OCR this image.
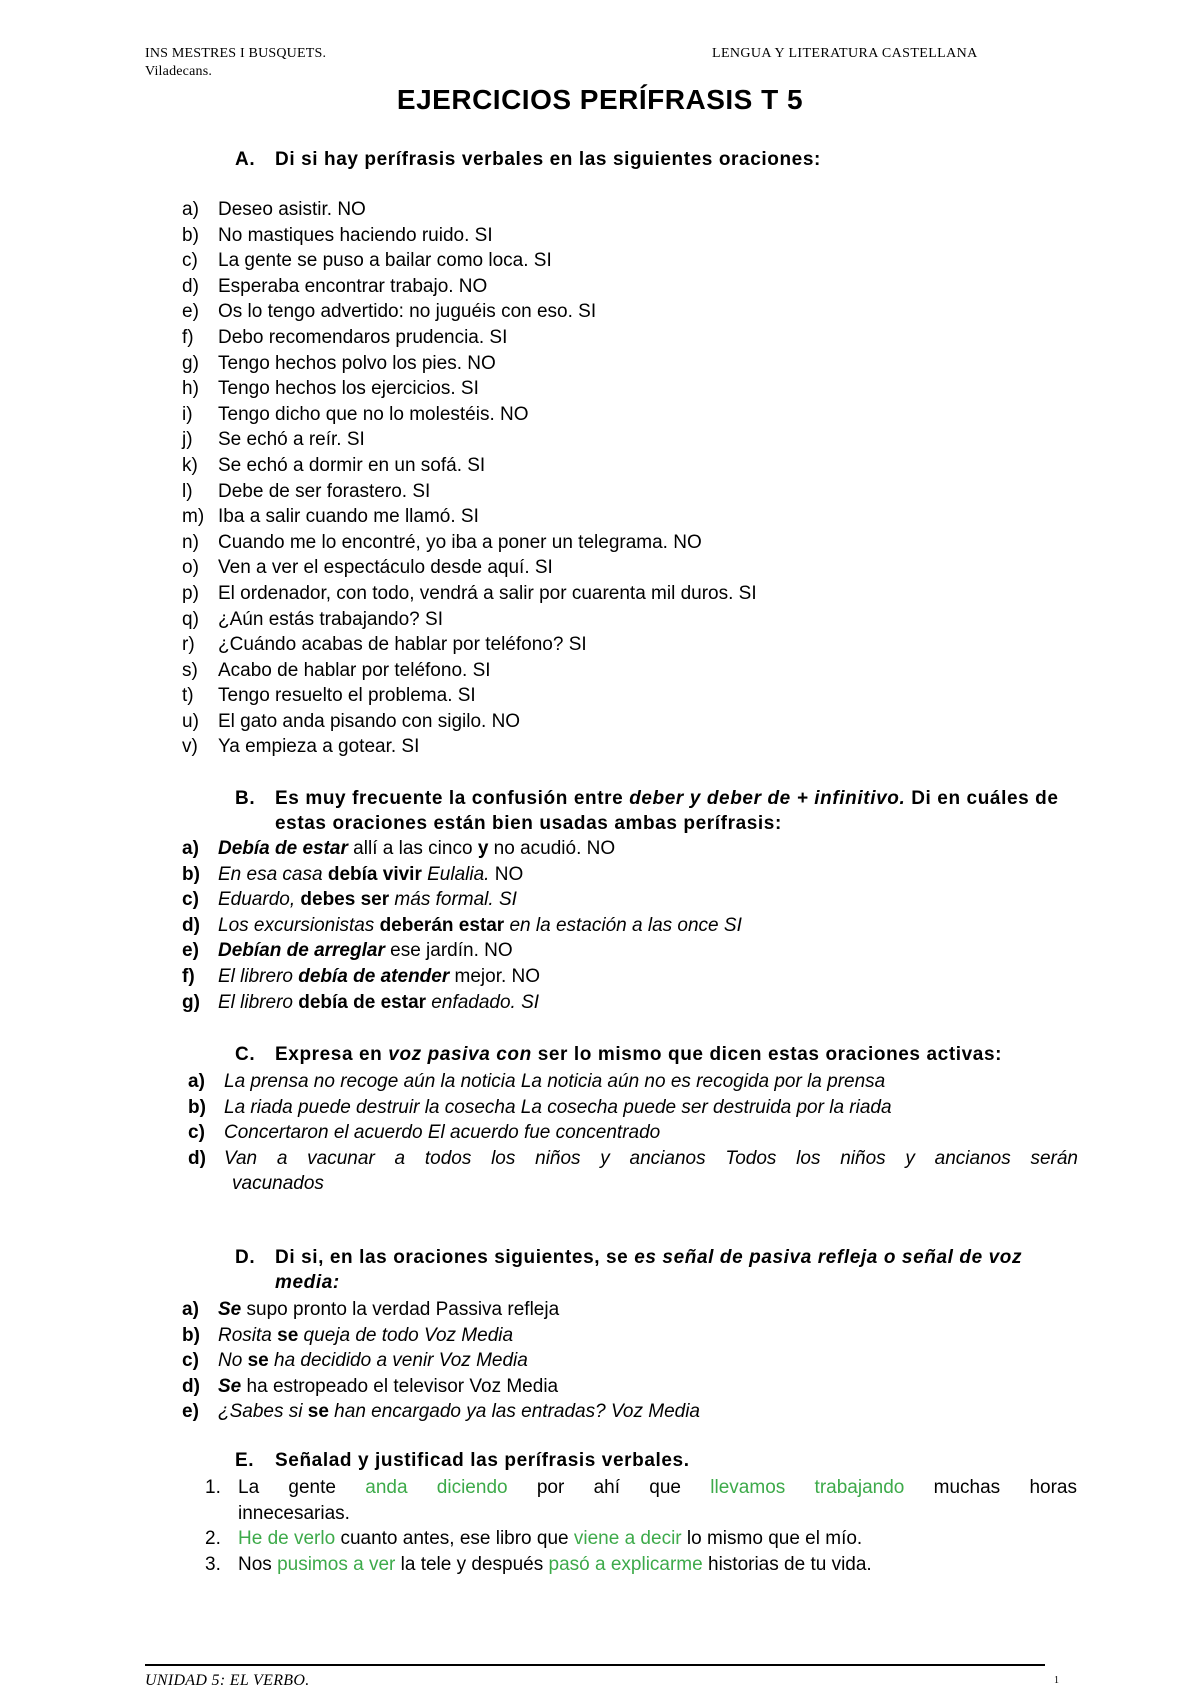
INS MESTRES I BUSQUETS.
Viladecans.
LENGUA Y LITERATURA CASTELLANA
EJERCICIOS PERÍFRASIS T 5
A. Di si hay perífrasis verbales en las siguientes oraciones:
a) Deseo asistir. NO
b) No mastiques haciendo ruido. SI
c) La gente se puso a bailar como loca. SI
d) Esperaba encontrar trabajo. NO
e) Os lo tengo advertido: no juguéis con eso. SI
f) Debo recomendaros prudencia. SI
g) Tengo hechos polvo los pies. NO
h) Tengo hechos los ejercicios. SI
i) Tengo dicho que no lo molestéis. NO
j) Se echó a reír. SI
k) Se echó a dormir en un sofá. SI
l) Debe de ser forastero. SI
m) Iba a salir cuando me llamó. SI
n) Cuando me lo encontré, yo iba a poner un telegrama. NO
o) Ven a ver el espectáculo desde aquí. SI
p) El ordenador, con todo, vendrá a salir por cuarenta mil duros. SI
q) ¿Aún estás trabajando? SI
r) ¿Cuándo acabas de hablar por teléfono? SI
s) Acabo de hablar por teléfono. SI
t) Tengo resuelto el problema. SI
u) El gato anda pisando con sigilo. NO
v) Ya empieza a gotear. SI
B. Es muy frecuente la confusión entre deber y deber de + infinitivo. Di en cuáles de estas oraciones están bien usadas ambas perífrasis:
a) Debía de estar allí a las cinco y no acudió. NO
b) En esa casa debía vivir Eulalia. NO
c) Eduardo, debes ser más formal. SI
d) Los excursionistas deberán estar en la estación a las once SI
e) Debían de arreglar ese jardín. NO
f) El librero debía de atender mejor. NO
g) El librero debía de estar enfadado. SI
C. Expresa en voz pasiva con ser lo mismo que dicen estas oraciones activas:
a) La prensa no recoge aún la noticia La noticia aún no es recogida por la prensa
b) La riada puede destruir la cosecha La cosecha puede ser destruida por la riada
c) Concertaron el acuerdo El acuerdo fue concentrado
d) Van a vacunar a todos los niños y ancianos Todos los niños y ancianos serán
vacunados
D. Di si, en las oraciones siguientes, se es señal de pasiva refleja o señal de voz media:
a) Se supo pronto la verdad Passiva refleja
b) Rosita se queja de todo Voz Media
c) No se ha decidido a venir Voz Media
d) Se ha estropeado el televisor Voz Media
e) ¿Sabes si se han encargado ya las entradas? Voz Media
E. Señalad y justificad las perífrasis verbales.
1. La gente anda diciendo por ahí que llevamos trabajando muchas horas
innecesarias.
2. He de verlo cuanto antes, ese libro que viene a decir lo mismo que el mío.
3. Nos pusimos a ver la tele y después pasó a explicarme historias de tu vida.
UNIDAD 5: EL VERBO.	1
